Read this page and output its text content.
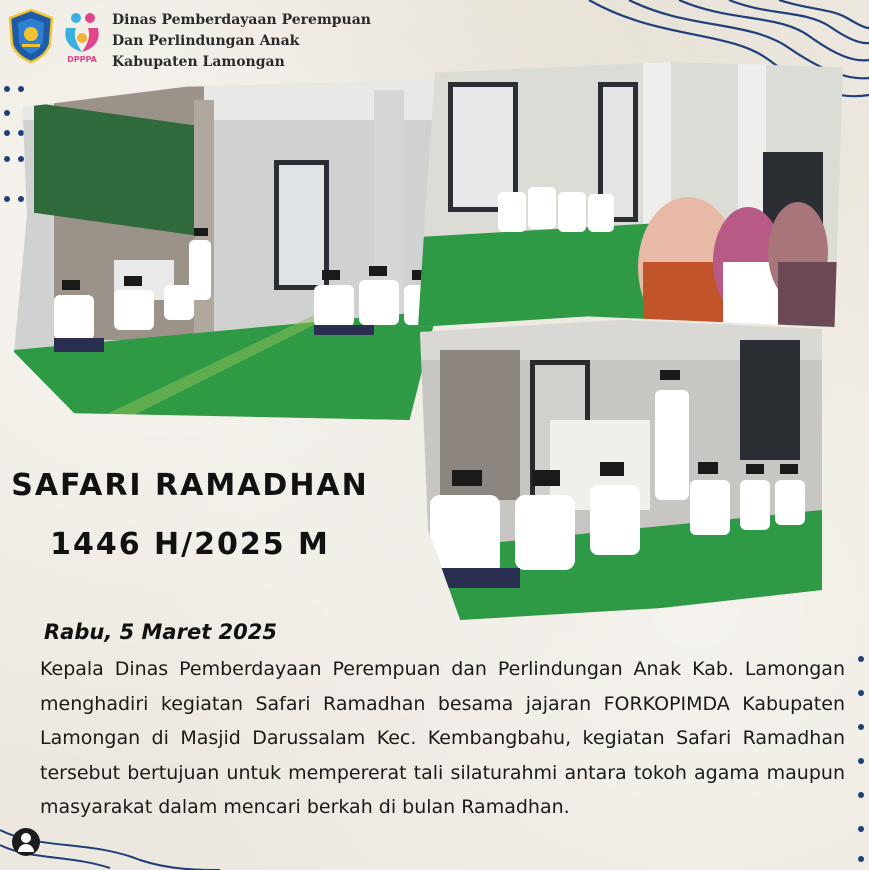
DPPPA
Dinas Pemberdayaan Perempuan
Dan Perlindungan Anak
Kabupaten Lamongan
SAFARI RAMADHAN
1446 H/2025 M
Rabu, 5 Maret 2025
Kepala Dinas Pemberdayaan Perempuan dan Perlindungan Anak Kab. Lamongan menghadiri kegiatan Safari Ramadhan besama jajaran FORKOPIMDA Kabupaten Lamongan di Masjid Darussalam Kec. Kembangbahu, kegiatan Safari Ramadhan tersebut bertujuan untuk mempererat tali silaturahmi antara tokoh agama maupun masyarakat dalam mencari berkah di bulan Ramadhan.
